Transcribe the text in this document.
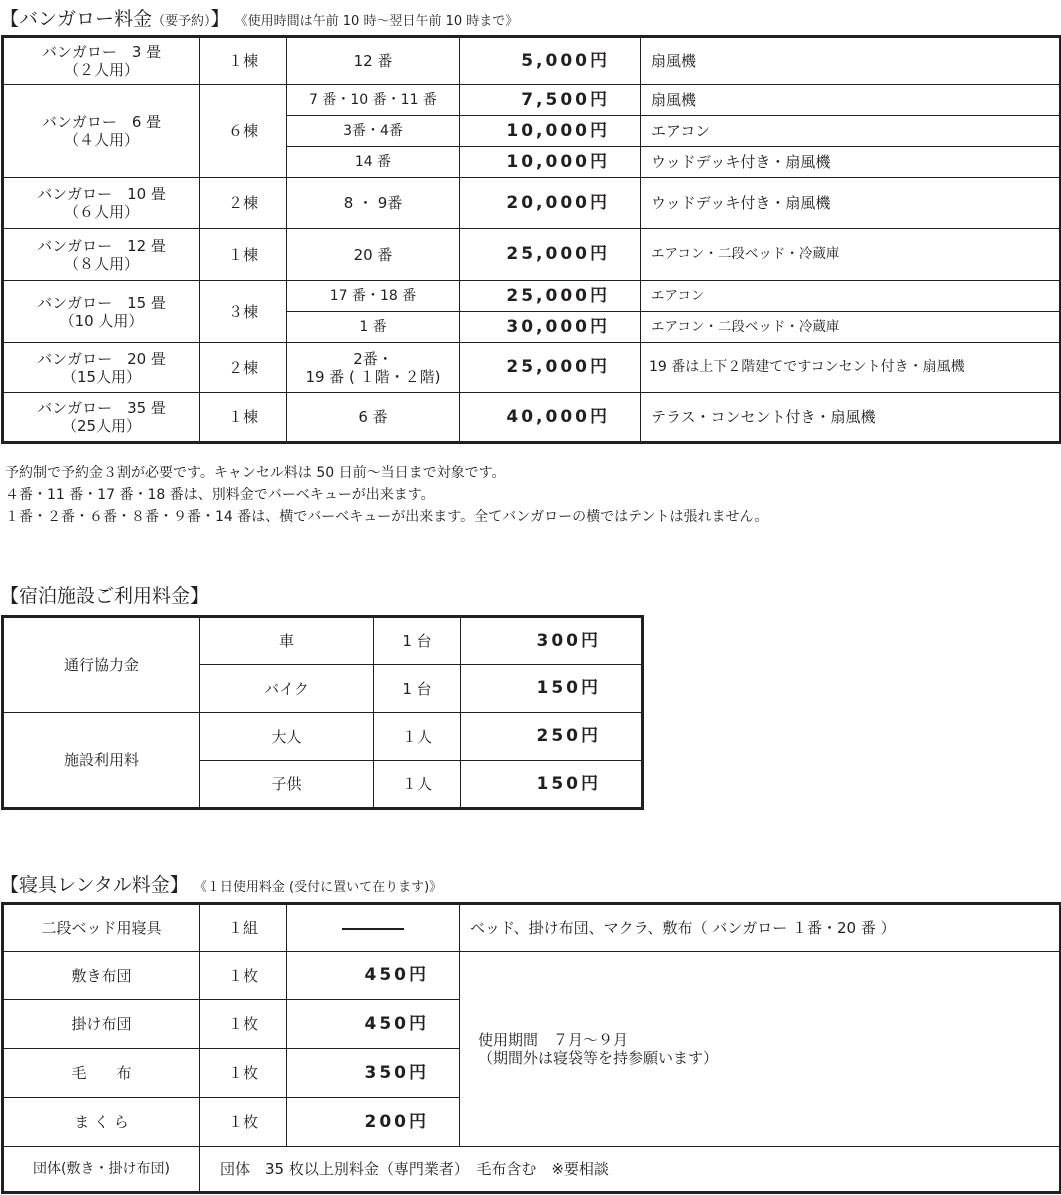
【バンガロー料金（要予約）】 《使用時間は午前 10 時～翌日午前 10 時まで》
バンガロー　3 畳
（２人用）	１棟	12 番	5,000円	扇風機

バンガロー　6 畳
（４人用）	６棟	7 番・10 番・11 番	7,500円	扇風機
		3番・4番	10,000円	エアコン
		14 番	10,000円	ウッドデッキ付き・扇風機

バンガロー　10 畳
（６人用）	２棟	8 ・ 9番	20,000円	ウッドデッキ付き・扇風機

バンガロー　12 畳
（８人用）	１棟	20 番	25,000円	エアコン・二段ベッド・冷蔵庫

バンガロー　15 畳
（10 人用）	３棟	17 番・18 番	25,000円	エアコン
		1 番	30,000円	エアコン・二段ベッド・冷蔵庫

バンガロー　20 畳
（15人用）	２棟	2番・
19 番 ( １階・２階)	25,000円	19 番は上下２階建てですコンセント付き・扇風機

バンガロー　35 畳
（25人用）	１棟	6 番	40,000円	テラス・コンセント付き・扇風機
予約制で予約金３割が必要です。キャンセル料は 50 日前～当日まで対象です。
４番・11 番・17 番・18 番は、別料金でバーベキューが出来ます。
１番・２番・６番・８番・９番・14 番は、横でバーベキューが出来ます。全てバンガローの横ではテントは張れません。
【宿泊施設ご利用料金】
通行協力金	車	1 台	300円
	バイク	1 台	150円
施設利用料	大人	１人	250円
	子供	１人	150円
【寝具レンタル料金】 《１日使用料金 (受付に置いて在ります)》
二段ベッド用寝具	１組		ベッド、掛け布団、マクラ、敷布（ バンガロー １番・20 番 ）
敷き布団	１枚	450円	使用期間　７月～９月
（期間外は寝袋等を持参願います）

掛け布団	１枚	450円	
毛　　布	１枚	350円	
ま く ら	１枚	200円	
団体(敷き・掛け布団)	団体　35 枚以上別料金（専門業者）　毛布含む　※要相談		
